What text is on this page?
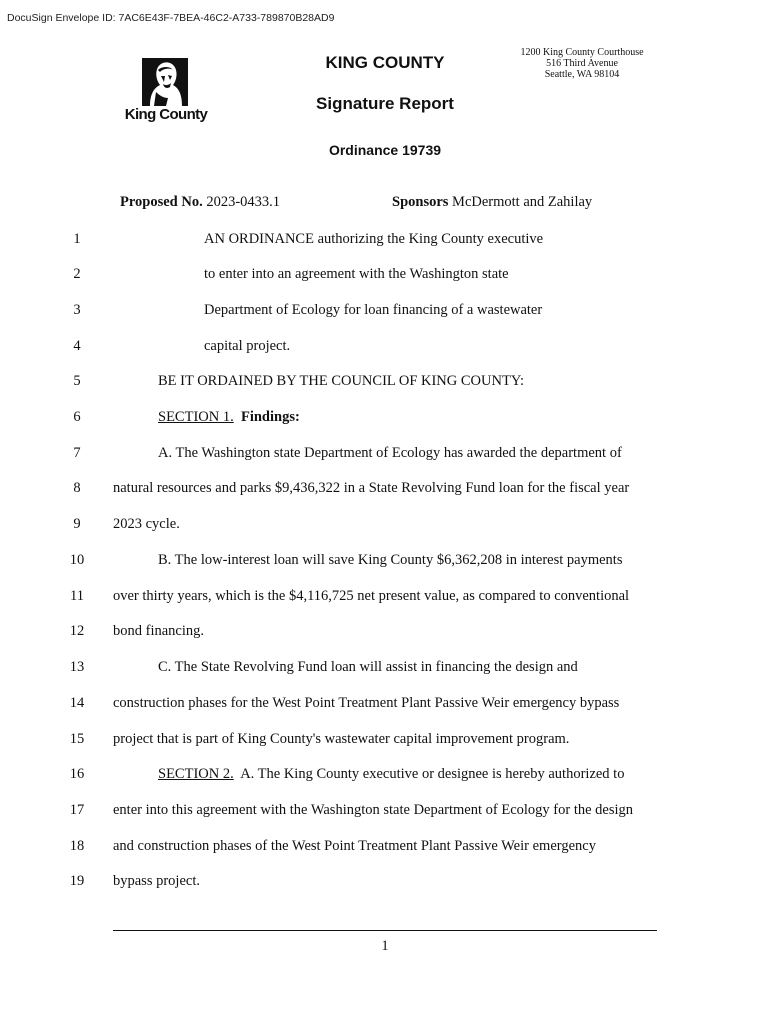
DocuSign Envelope ID: 7AC6E43F-7BEA-46C2-A733-789870B28AD9
King County
KING COUNTY
1200 King County Courthouse
516 Third Avenue
Seattle, WA 98104
Signature Report
Ordinance 19739
Proposed No. 2023-0433.1	Sponsors McDermott and Zahilay
1	AN ORDINANCE authorizing the King County executive
2	to enter into an agreement with the Washington state
3	Department of Ecology for loan financing of a wastewater
4	capital project.
5	BE IT ORDAINED BY THE COUNCIL OF KING COUNTY:
6	SECTION 1. Findings:
7	A. The Washington state Department of Ecology has awarded the department of
8	natural resources and parks $9,436,322 in a State Revolving Fund loan for the fiscal year
9	2023 cycle.
10	B. The low-interest loan will save King County $6,362,208 in interest payments
11	over thirty years, which is the $4,116,725 net present value, as compared to conventional
12	bond financing.
13	C. The State Revolving Fund loan will assist in financing the design and
14	construction phases for the West Point Treatment Plant Passive Weir emergency bypass
15	project that is part of King County's wastewater capital improvement program.
16	SECTION 2. A. The King County executive or designee is hereby authorized to
17	enter into this agreement with the Washington state Department of Ecology for the design
18	and construction phases of the West Point Treatment Plant Passive Weir emergency
19	bypass project.
1
